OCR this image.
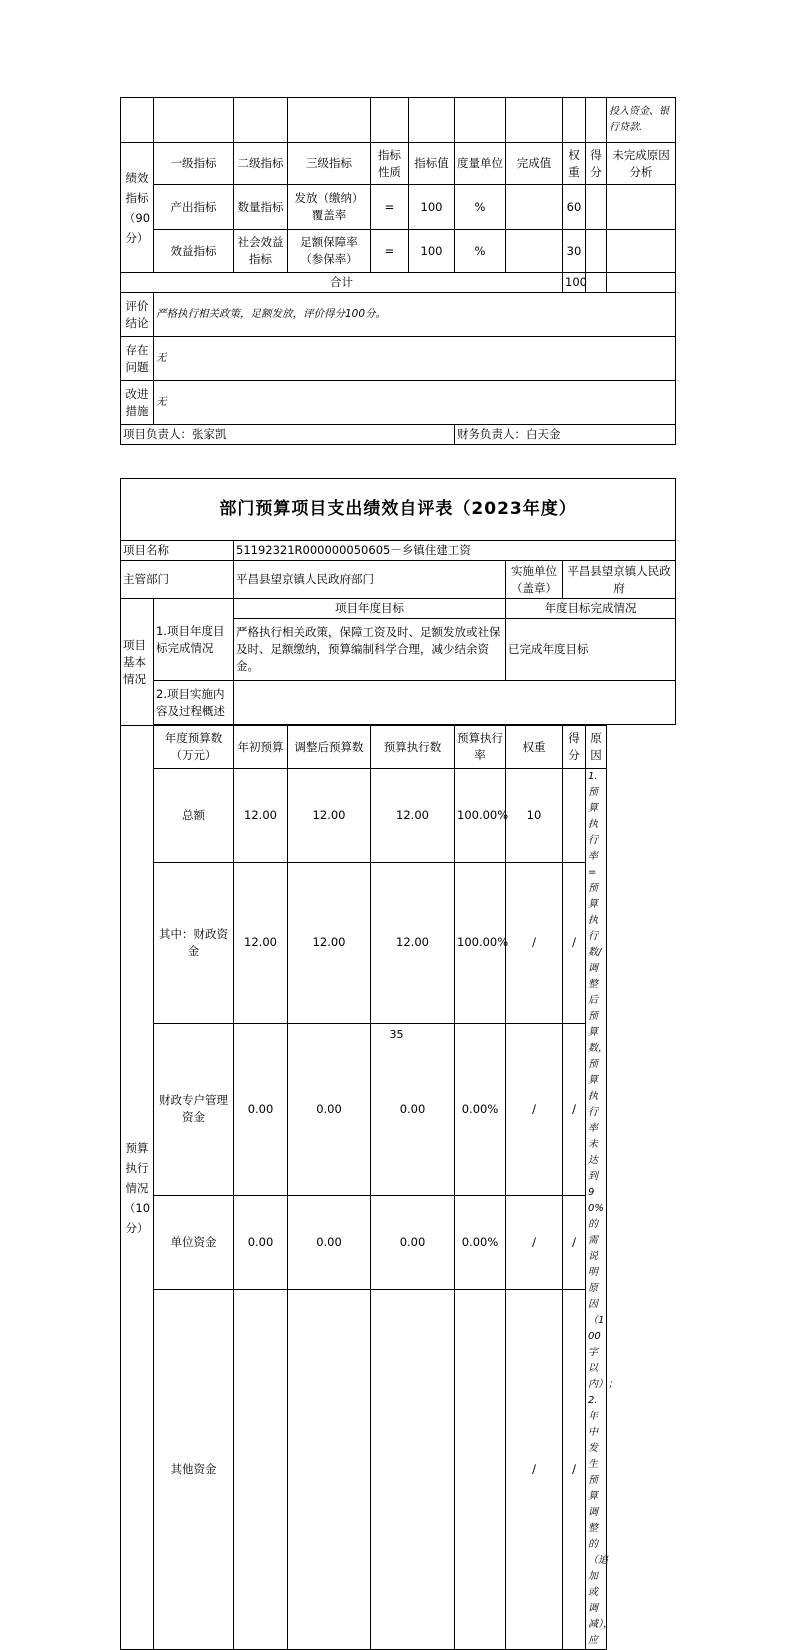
										投入资金、银行贷款.
绩效指标（90分）	一级指标	二级指标	三级指标	指标性质	指标值	度量单位	完成值	权重	得分	未完成原因分析
	产出指标	数量指标	发放（缴纳）覆盖率	=	100	%		60		
	效益指标	社会效益指标	足额保障率（参保率）	=	100	%		30		
合计								100		
评价结论	严格执行相关政策，足额发放，评价得分100分。									
存在问题	无									
改进措施	无									
项目负责人：张家凯						财务负责人：白天金				
部门预算项目支出绩效自评表（2023年度）								
项目名称		51192321R000000050605－乡镇住建工资						
主管部门		平昌县望京镇人民政府部门				实施单位（盖章）	平昌县望京镇人民政府	
项目基本情况	1.项目年度目标完成情况	项目年度目标				年度目标完成情况		
		严格执行相关政策，保障工资及时、足额发放或社保及时、足额缴纳，预算编制科学合理，减少结余资金。				已完成年度目标		
	2.项目实施内容及过程概述							

预算执行情况（10分）	年度预算数（万元）	年初预算	调整后预算数	预算执行数	预算执行率	权重	得分	原因
	总额	12.00	12.00	12.00	100.00%	10		1.预算执行率=预算执行数/调整后预算数，预算执行率未达到90%的需说明原因（100字以内）；2.年中发生预算调整的（追加或调减），应
	其中：财政资金	12.00	12.00	12.00	100.00%	/	/	
	财政专户管理资金	0.00	0.00	0.00	0.00%	/	/	
	单位资金	0.00	0.00	0.00	0.00%	/	/	
	其他资金					/	/	
35
